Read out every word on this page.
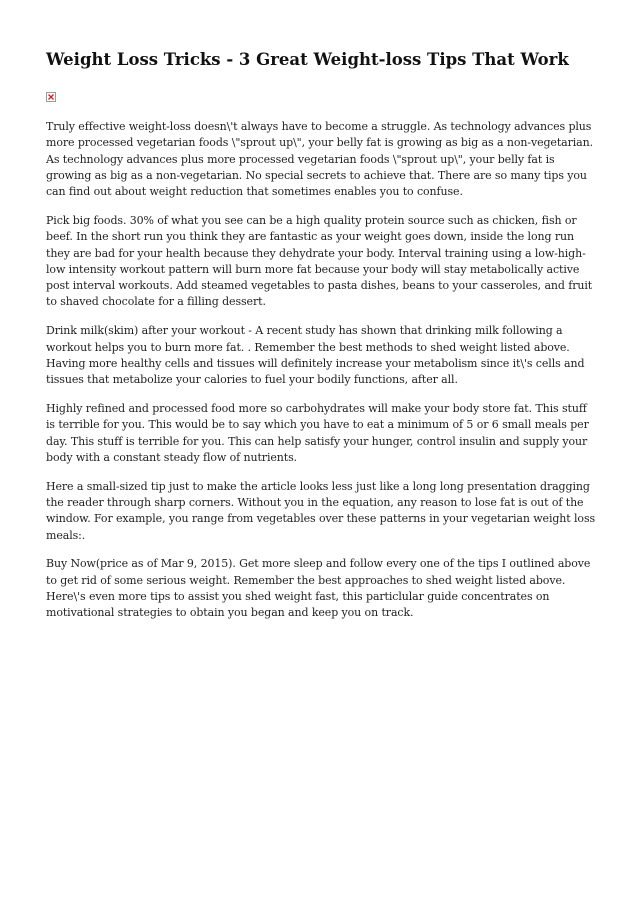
Weight Loss Tricks - 3 Great Weight-loss Tips That Work

Truly effective weight-loss doesn\'t always have to become a struggle. As technology advances plus more processed vegetarian foods \"sprout up\", your belly fat is growing as big as a non-vegetarian. As technology advances plus more processed vegetarian foods \"sprout up\", your belly fat is growing as big as a non-vegetarian. No special secrets to achieve that. There are so many tips you can find out about weight reduction that sometimes enables you to confuse.

Pick big foods. 30% of what you see can be a high quality protein source such as chicken, fish or beef. In the short run you think they are fantastic as your weight goes down, inside the long run they are bad for your health because they dehydrate your body. Interval training using a low-high-low intensity workout pattern will burn more fat because your body will stay metabolically active post interval workouts. Add steamed vegetables to pasta dishes, beans to your casseroles, and fruit to shaved chocolate for a filling dessert.

Drink milk(skim) after your workout - A recent study has shown that drinking milk following a workout helps you to burn more fat. . Remember the best methods to shed weight listed above. Having more healthy cells and tissues will definitely increase your metabolism since it\'s cells and tissues that metabolize your calories to fuel your bodily functions, after all.

Highly refined and processed food more so carbohydrates will make your body store fat. This stuff is terrible for you. This would be to say which you have to eat a minimum of 5 or 6 small meals per day. This stuff is terrible for you. This can help satisfy your hunger, control insulin and supply your body with a constant steady flow of nutrients.

Here a small-sized tip just to make the article looks less just like a long long presentation dragging the reader through sharp corners. Without you in the equation, any reason to lose fat is out of the window. For example, you range from vegetables over these patterns in your vegetarian weight loss meals:.

Buy Now(price as of Mar 9, 2015). Get more sleep and follow every one of the tips I outlined above to get rid of some serious weight. Remember the best approaches to shed weight listed above. Here\'s even more tips to assist you shed weight fast, this particlular guide concentrates on motivational strategies to obtain you began and keep you on track.
